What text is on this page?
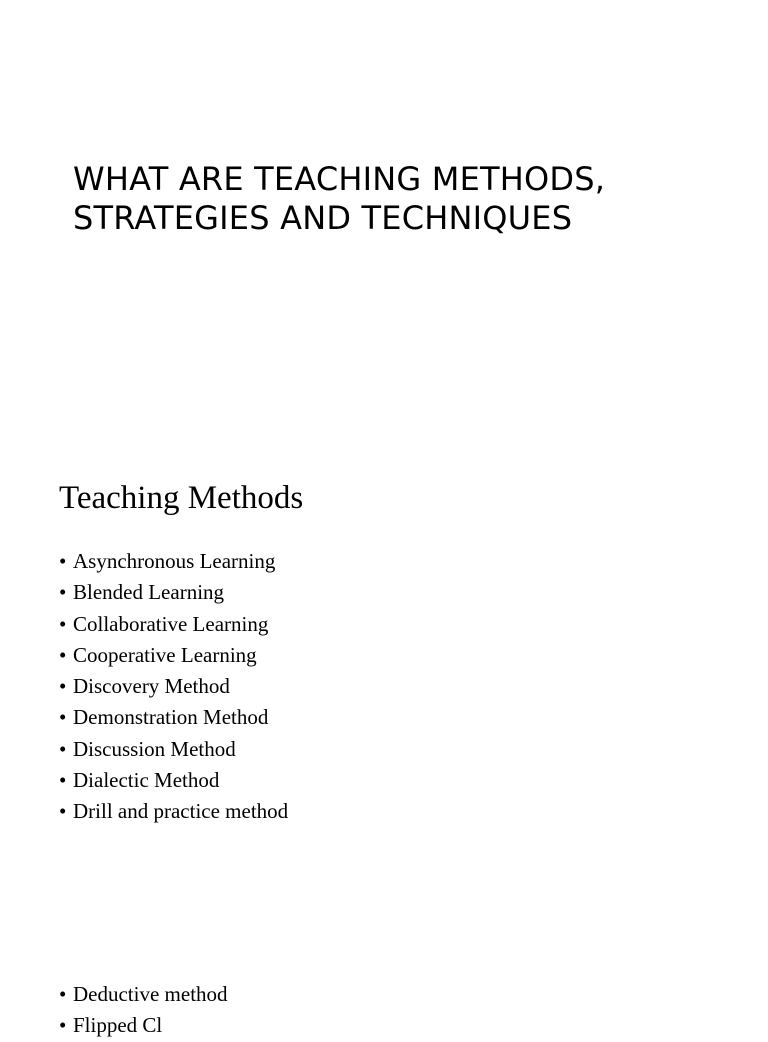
WHAT ARE TEACHING METHODS, STRATEGIES AND TECHNIQUES
Teaching Methods
• Asynchronous Learning
• Blended Learning
• Collaborative Learning
• Cooperative Learning
• Discovery Method
• Demonstration Method
• Discussion Method
• Dialectic Method
• Drill and practice method
• Deductive method
• Flipped Cl
